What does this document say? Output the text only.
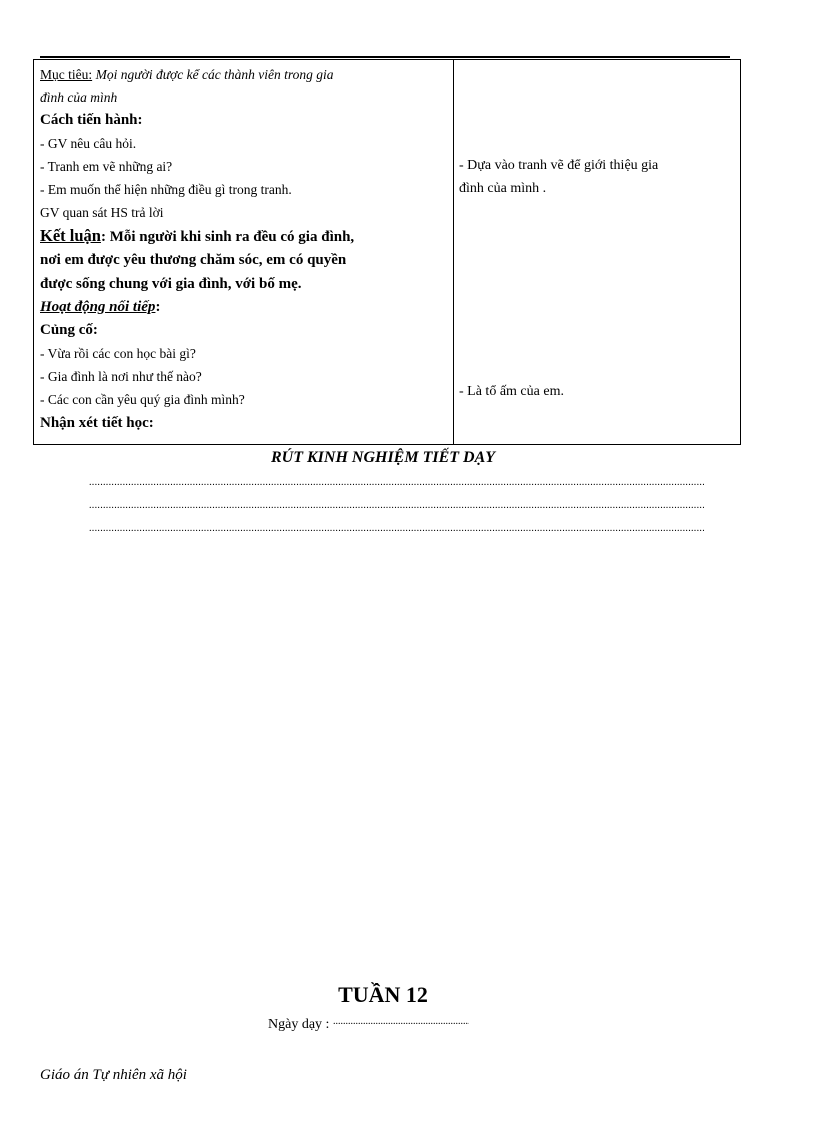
Mục tiêu: Mọi người được kể các thành viên trong gia
đình của mình
Cách tiến hành:
- GV nêu câu hỏi.
- Tranh em vẽ những ai?
- Em muốn thể hiện những điều gì trong tranh.
GV quan sát HS trả lời
Kết luận: Mỗi người khi sinh ra đều có gia đình,
nơi em được yêu thương chăm sóc, em có quyền
được sống chung với gia đình, với bố mẹ.
Hoạt động nối tiếp:
Củng cố:
- Vừa rồi các con học bài gì?
- Gia đình là nơi như thế nào?
- Các con cần yêu quý gia đình mình?
Nhận xét tiết học:
- Dựa vào tranh vẽ để giới thiệu gia
đình của mình .
- Là tổ ấm của em.
RÚT KINH NGHIỆM TIẾT DẠY
.....
.....
.....
TUẦN 12
Ngày dạy : .....
Giáo án Tự nhiên xã hội
